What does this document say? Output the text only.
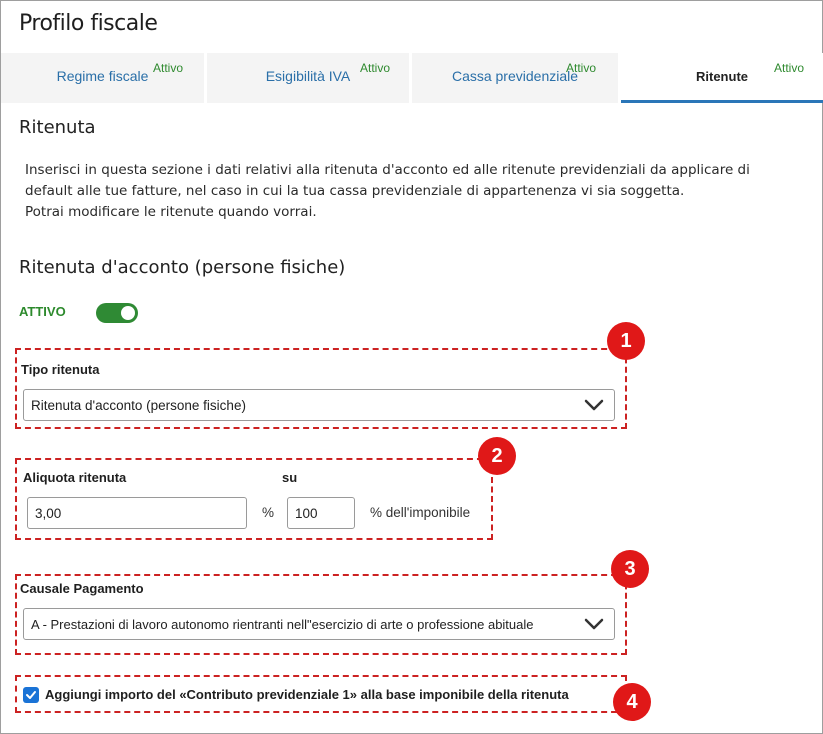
Profilo fiscale
Regime fiscale Attivo	Esigibilità IVA Attivo	Cassa previdenziale
Attivo
Ritenute
Attivo
Ritenuta
Inserisci in questa sezione i dati relativi alla ritenuta d'acconto ed alle ritenute previdenziali da applicare di
default alle tue fatture, nel caso in cui la tua cassa previdenziale di appartenenza vi sia soggetta.
Potrai modificare le ritenute quando vorrai.
Ritenuta d'acconto (persone fisiche)
ATTIVO
Tipo ritenuta
Ritenuta d'acconto (persone fisiche)
1
Aliquota ritenuta	su
3,00
%
100	% dell'imponibile
2
Causale Pagamento
A - Prestazioni di lavoro autonomo rientranti nell"esercizio di arte o professione abituale
3
Aggiungi importo del «Contributo previdenziale 1» alla base imponibile della ritenuta	4
